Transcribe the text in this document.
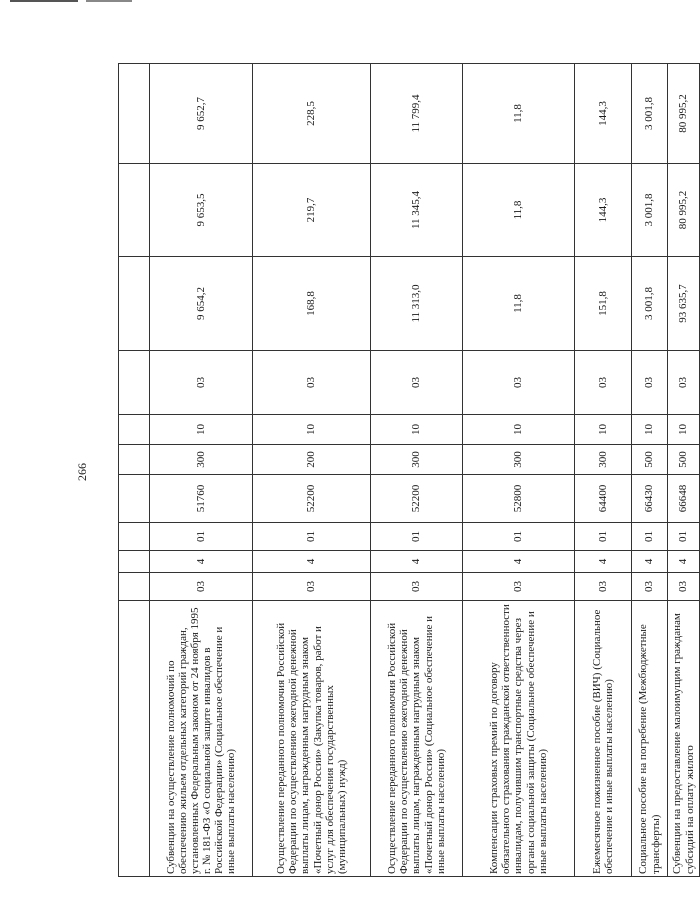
266

Субвенции на осуществление полномочий по обеспечению жильем отдельных категорий граждан, установленных Федеральным законом от 24 ноября 1995 г. № 181-ФЗ «О социальной защите инвалидов в Российской Федерации» (Социальное обеспечение и иные выплаты населению)	03	4	01	51760	300	10	03	9 654,2	9 653,5	9 652,7
Осуществление переданного полномочия Российской Федерации по осуществлению ежегодной денежной выплаты лицам, награжденным нагрудным знаком «Почетный донор России» (Закупка товаров, работ и услуг для обеспечения государственных (муниципальных) нужд)	03	4	01	52200	200	10	03	168,8	219,7	228,5
Осуществление переданного полномочия Российской Федерации по осуществлению ежегодной денежной выплаты лицам, награжденным нагрудным знаком «Почетный донор России» (Социальное обеспечение и иные выплаты населению)	03	4	01	52200	300	10	03	11 313,0	11 345,4	11 799,4
Компенсации страховых премий по договору обязательного страхования гражданской ответственности инвалидам, получившим транспортные средства через органы социальной защиты (Социальное обеспечение и иные выплаты населению)	03	4	01	52800	300	10	03	11,8	11,8	11,8
Ежемесячное пожизненное пособие (ВИЧ) (Социальное обеспечение и иные выплаты населению)	03	4	01	64400	300	10	03	151,8	144,3	144,3
Социальное пособие на погребение (Межбюджетные трансферты)	03	4	01	66430	500	10	03	3 001,8	3 001,8	3 001,8
Субвенции на предоставление малоимущим гражданам субсидий на оплату жилого	03	4	01	66648	500	10	03	93 635,7	80 995,2	80 995,2
